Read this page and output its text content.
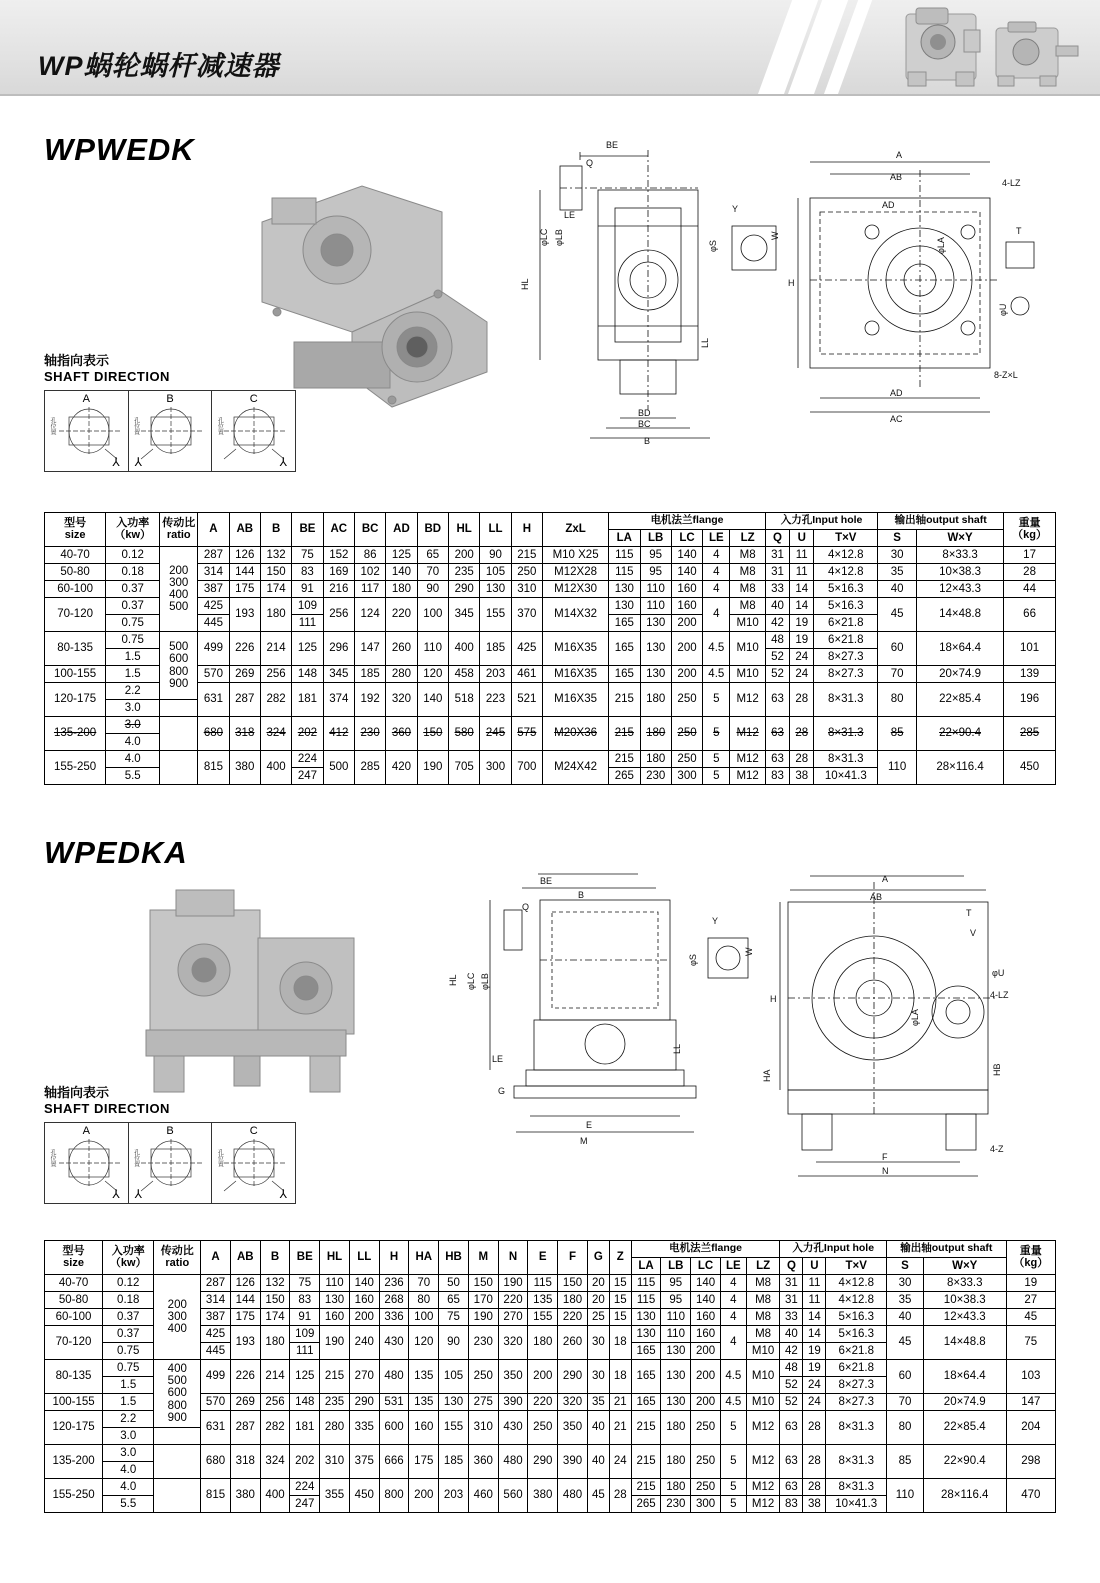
WP蜗轮蜗杆减速器
WPWEDK	BE
Q
φLC φLB
LE
HL
BD
BC
B
Y
φS
W
A
AB
4-LZ
AD
φLA
H
T
φU
LL
AD
AC
8-Z×L
轴指向表示
SHAFT DIRECTION
A
孔位置
⅄
B
孔位置
⅄
C
孔位置
⅄
型号
size

入功率
（kw）

传动比
ratio	A	AB	B	BE	AC	BC	AD	BD	HL	LL	H	ZxL	电机法兰flange	入力孔Input hole	输出轴output shaft	重量
（kg）

															LA	LB	LC	LE	LZ	Q	U	T×V	S	W×Y	
40-70	0.12	200
300
400
500	287	126	132	75	152	86	125	65	200	90	215	M10 X25	115	95	140	4	M8	31	11	4×12.8	30	8×33.3	17
50-80	0.18		314	144	150	83	169	102	140	70	235	105	250	M12X28	115	95	140	4	M8	31	11	4×12.8	35	10×38.3	28
60-100	0.37		387	175	174	91	216	117	180	90	290	130	310	M12X30	130	110	160	4	M8	33	14	5×16.3	40	12×43.3	44
70-120	0.37		425	193	180	109	256	124	220	100	345	155	370	M14X32	130	110	160	4	M8	40	14	5×16.3	45	14×48.8	66
	0.75		445			111									165	130	200		M10	42	19	6×21.8			
80-135	0.75	500
600
800
900	499	226	214	125	296	147	260	110	400	185	425	M16X35	165	130	200	4.5	M10	48	19	6×21.8	60	18×64.4	101
	1.5																			52	24	8×27.3			
100-155	1.5		570	269	256	148	345	185	280	120	458	203	461	M16X35	165	130	200	4.5	M10	52	24	8×27.3	70	20×74.9	139
120-175	2.2		631	287	282	181	374	192	320	140	518	223	521	M16X35	215	180	250	5	M12	63	28	8×31.3	80	22×85.4	196
	3.0																								
135-200	3.0		680	318	324	202	412	230	360	150	580	245	575	M20X36	215	180	250	5	M12	63	28	8×31.3	85	22×90.4	285
	4.0																								
155-250	4.0		815	380	400	224	500	285	420	190	705	300	700	M24X42	215	180	250	5	M12	63	28	8×31.3	110	28×116.4	450
	5.5					247									265	230	300	5	M12	83	38	10×41.3			
WPEDKA
BE
B
Q
φLC φLB
LE
HL
G
E
M
LL
Y
φS
W
A
AB
T
V
φU
4-LZ
H
HA	HB
φLA
F
N
4-Z
轴指向表示
SHAFT DIRECTION
A
孔位置
⅄
B
孔位置
⅄
C
孔位置
⅄
型号
size

入功率
（kw）

传动比
ratio	A	AB	B	BE	HL	LL	H	HA	HB	M	N	E	F	G	Z	电机法兰flange	入力孔Input hole	输出轴output shaft	重量
（kg）

																		LA	LB	LC	LE	LZ	Q	U	T×V	S	W×Y	
40-70	0.12	200
300
400	287	126	132	75	110	140	236	70	50	150	190	115	150	20	15	115	95	140	4	M8	31	11	4×12.8	30	8×33.3	19
50-80	0.18		314	144	150	83	130	160	268	80	65	170	220	135	180	20	15	115	95	140	4	M8	31	11	4×12.8	35	10×38.3	27
60-100	0.37		387	175	174	91	160	200	336	100	75	190	270	155	220	25	15	130	110	160	4	M8	33	14	5×16.3	40	12×43.3	45
70-120	0.37		425	193	180	109	190	240	430	120	90	230	320	180	260	30	18	130	110	160	4	M8	40	14	5×16.3	45	14×48.8	75
	0.75		445			111												165	130	200		M10	42	19	6×21.8			
80-135	0.75	400
500
600
800
900	499	226	214	125	215	270	480	135	105	250	350	200	290	30	18	165	130	200	4.5	M10	48	19	6×21.8	60	18×64.4	103
	1.5																						52	24	8×27.3			
100-155	1.5		570	269	256	148	235	290	531	135	130	275	390	220	320	35	21	165	130	200	4.5	M10	52	24	8×27.3	70	20×74.9	147
120-175	2.2		631	287	282	181	280	335	600	160	155	310	430	250	350	40	21	215	180	250	5	M12	63	28	8×31.3	80	22×85.4	204
	3.0																											
135-200	3.0		680	318	324	202	310	375	666	175	185	360	480	290	390	40	24	215	180	250	5	M12	63	28	8×31.3	85	22×90.4	298
	4.0																											
155-250	4.0		815	380	400	224	355	450	800	200	203	460	560	380	480	45	28	215	180	250	5	M12	63	28	8×31.3	110	28×116.4	470
	5.5					247												265	230	300	5	M12	83	38	10×41.3			
